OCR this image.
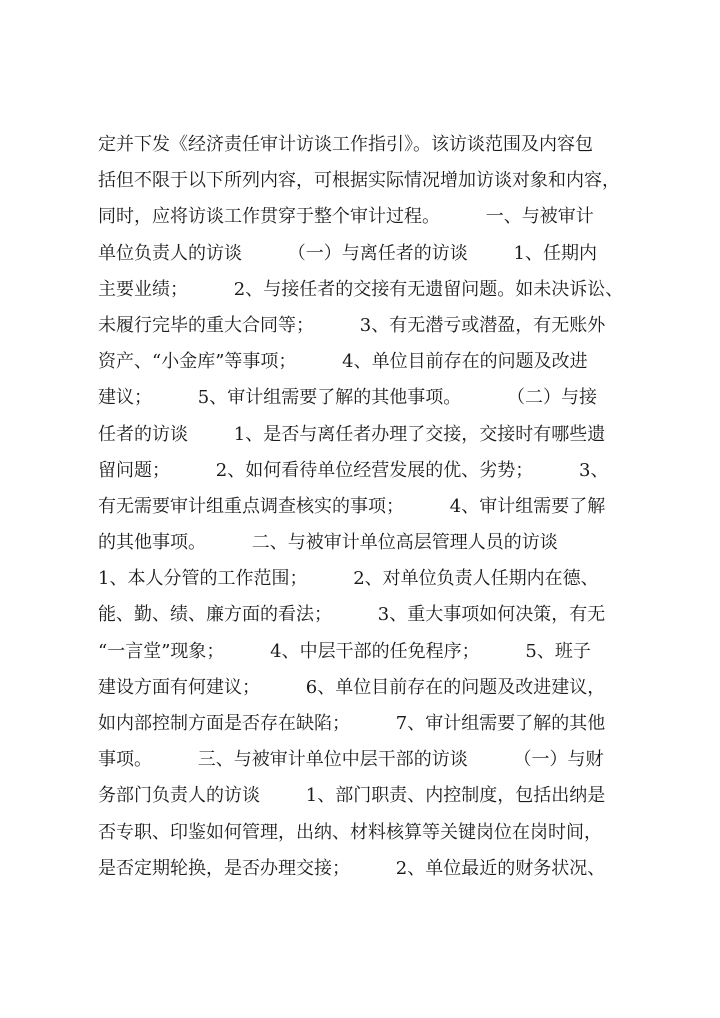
定并下发《经济责任审计访谈工作指引》。该访谈范围及内容包
括但不限于以下所列内容，可根据实际情况增加访谈对象和内容，
同时，应将访谈工作贯穿于整个审计过程。        一、与被审计
单位负责人的访谈        （一）与离任者的访谈        1、任期内
主要业绩；        2、与接任者的交接有无遗留问题。如未决诉讼、
未履行完毕的重大合同等；        3、有无潜亏或潜盈，有无账外
资产、“小金库”等事项；        4、单位目前存在的问题及改进
建议；        5、审计组需要了解的其他事项。        （二）与接
任者的访谈        1、是否与离任者办理了交接，交接时有哪些遗
留问题；        2、如何看待单位经营发展的优、劣势；        3、
有无需要审计组重点调查核实的事项；        4、审计组需要了解
的其他事项。        二、与被审计单位高层管理人员的访谈
1、本人分管的工作范围；        2、对单位负责人任期内在德、
能、勤、绩、廉方面的看法；        3、重大事项如何决策，有无
“一言堂”现象；        4、中层干部的任免程序；        5、班子
建设方面有何建议；        6、单位目前存在的问题及改进建议，
如内部控制方面是否存在缺陷；        7、审计组需要了解的其他
事项。        三、与被审计单位中层干部的访谈        （一）与财
务部门负责人的访谈        1、部门职责、内控制度，包括出纳是
否专职、印鉴如何管理，出纳、材料核算等关键岗位在岗时间，
是否定期轮换，是否办理交接；        2、单位最近的财务状况、
